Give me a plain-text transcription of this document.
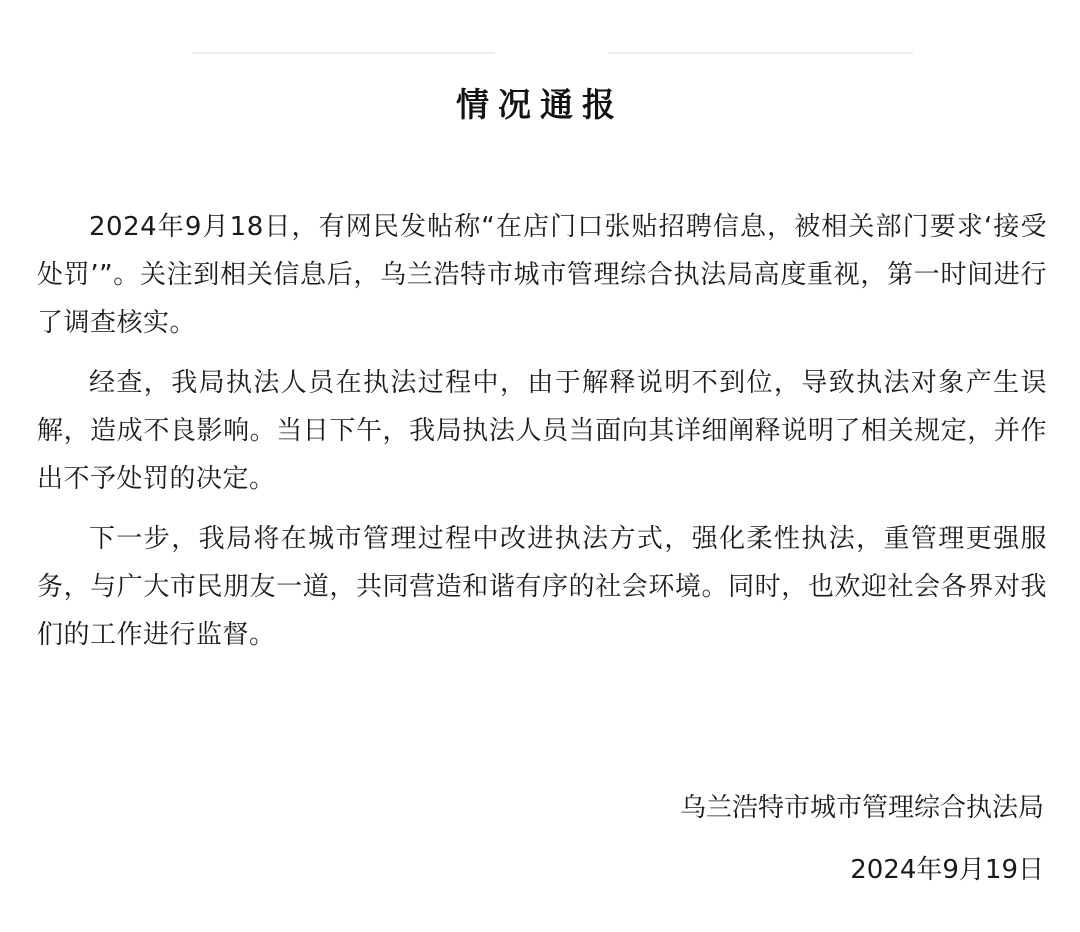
情况通报

2024年9月18日，有网民发帖称“在店门口张贴招聘信息，被相关部门要求‘接受处罚’”。关注到相关信息后，乌兰浩特市城市管理综合执法局高度重视，第一时间进行了调查核实。

经查，我局执法人员在执法过程中，由于解释说明不到位，导致执法对象产生误解，造成不良影响。当日下午，我局执法人员当面向其详细阐释说明了相关规定，并作出不予处罚的决定。

下一步，我局将在城市管理过程中改进执法方式，强化柔性执法，重管理更强服务，与广大市民朋友一道，共同营造和谐有序的社会环境。同时，也欢迎社会各界对我们的工作进行监督。

乌兰浩特市城市管理综合执法局
2024年9月19日
